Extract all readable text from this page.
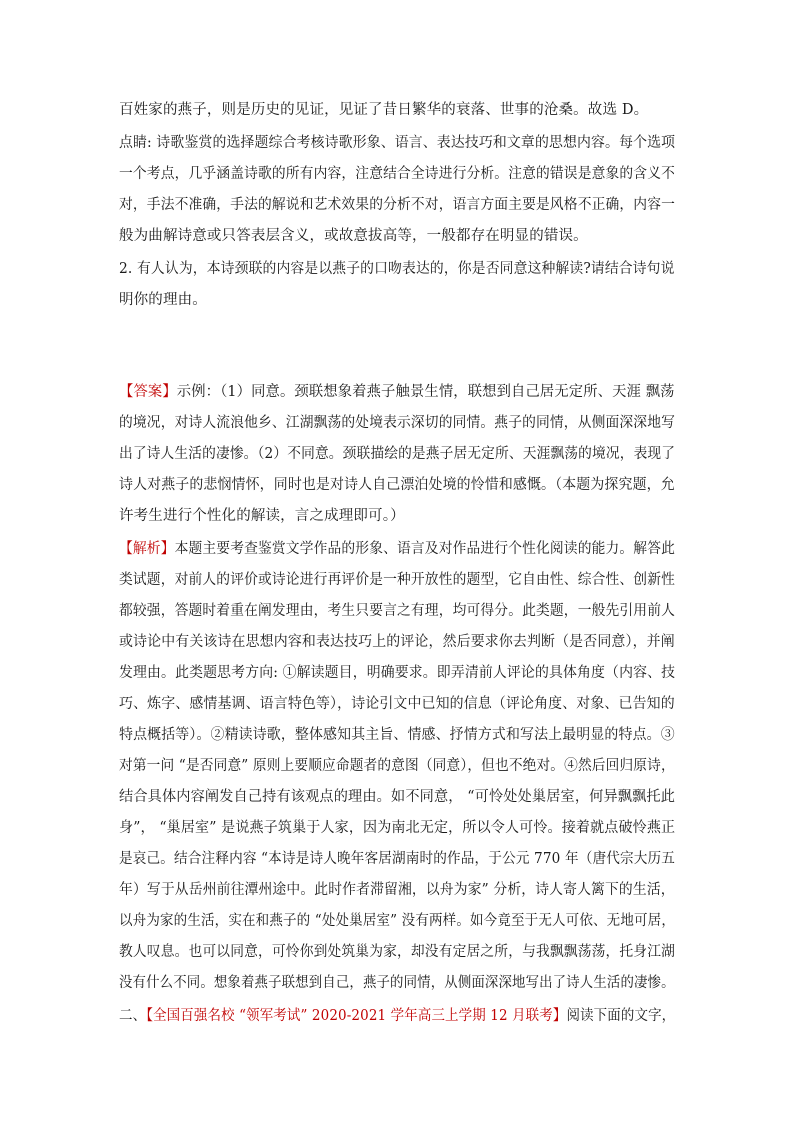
百姓家的燕子，则是历史的见证，见证了昔日繁华的衰落、世事的沧桑。故选 D。
点睛: 诗歌鉴赏的选择题综合考核诗歌形象、语言、表达技巧和文章的思想内容。每个选项
一个考点，几乎涵盖诗歌的所有内容，注意结合全诗进行分析。注意的错误是意象的含义不
对，手法不准确，手法的解说和艺术效果的分析不对，语言方面主要是风格不正确，内容一
般为曲解诗意或只答表层含义，或故意拔高等，一般都存在明显的错误。
2. 有人认为，本诗颈联的内容是以燕子的口吻表达的，你是否同意这种解读?请结合诗句说
明你的理由。
【答案】示例：（1）同意。颈联想象着燕子触景生情，联想到自己居无定所、天涯 飘荡
的境况，对诗人流浪他乡、江湖飘荡的处境表示深切的同情。燕子的同情，从侧面深深地写
出了诗人生活的凄惨。（2）不同意。颈联描绘的是燕子居无定所、天涯飘荡的境况，表现了
诗人对燕子的悲悯情怀，同时也是对诗人自己漂泊处境的怜惜和感慨。（本题为探究题，允
许考生进行个性化的解读，言之成理即可。）
【解析】本题主要考查鉴赏文学作品的形象、语言及对作品进行个性化阅读的能力。解答此
类试题，对前人的评价或诗论进行再评价是一种开放性的题型，它自由性、综合性、创新性
都较强，答题时着重在阐发理由，考生只要言之有理，均可得分。此类题，一般先引用前人
或诗论中有关该诗在思想内容和表达技巧上的评论，然后要求你去判断（是否同意），并阐
发理由。此类题思考方向: ①解读题目，明确要求。即弄清前人评论的具体角度（内容、技
巧、炼字、感情基调、语言特色等），诗论引文中已知的信息（评论角度、对象、已告知的
特点概括等）。②精读诗歌，整体感知其主旨、情感、抒情方式和写法上最明显的特点。③
对第一问 “是否同意” 原则上要顺应命题者的意图（同意），但也不绝对。④然后回归原诗，
结合具体内容阐发自己持有该观点的理由。如不同意， “可怜处处巢居室，何异飘飘托此
身”， “巢居室” 是说燕子筑巢于人家，因为南北无定，所以令人可怜。接着就点破怜燕正
是哀己。结合注释内容 “本诗是诗人晚年客居湖南时的作品，于公元 770 年（唐代宗大历五
年）写于从岳州前往潭州途中。此时作者滞留湘，以舟为家” 分析，诗人寄人篱下的生活，
以舟为家的生活，实在和燕子的 “处处巢居室” 没有两样。如今竟至于无人可依、无地可居，
教人叹息。也可以同意，可怜你到处筑巢为家，却没有定居之所，与我飘飘荡荡，托身江湖
没有什么不同。想象着燕子联想到自己，燕子的同情，从侧面深深地写出了诗人生活的凄惨。
二、【全国百强名校 “领军考试” 2020-2021 学年高三上学期 12 月联考】阅读下面的文字，
